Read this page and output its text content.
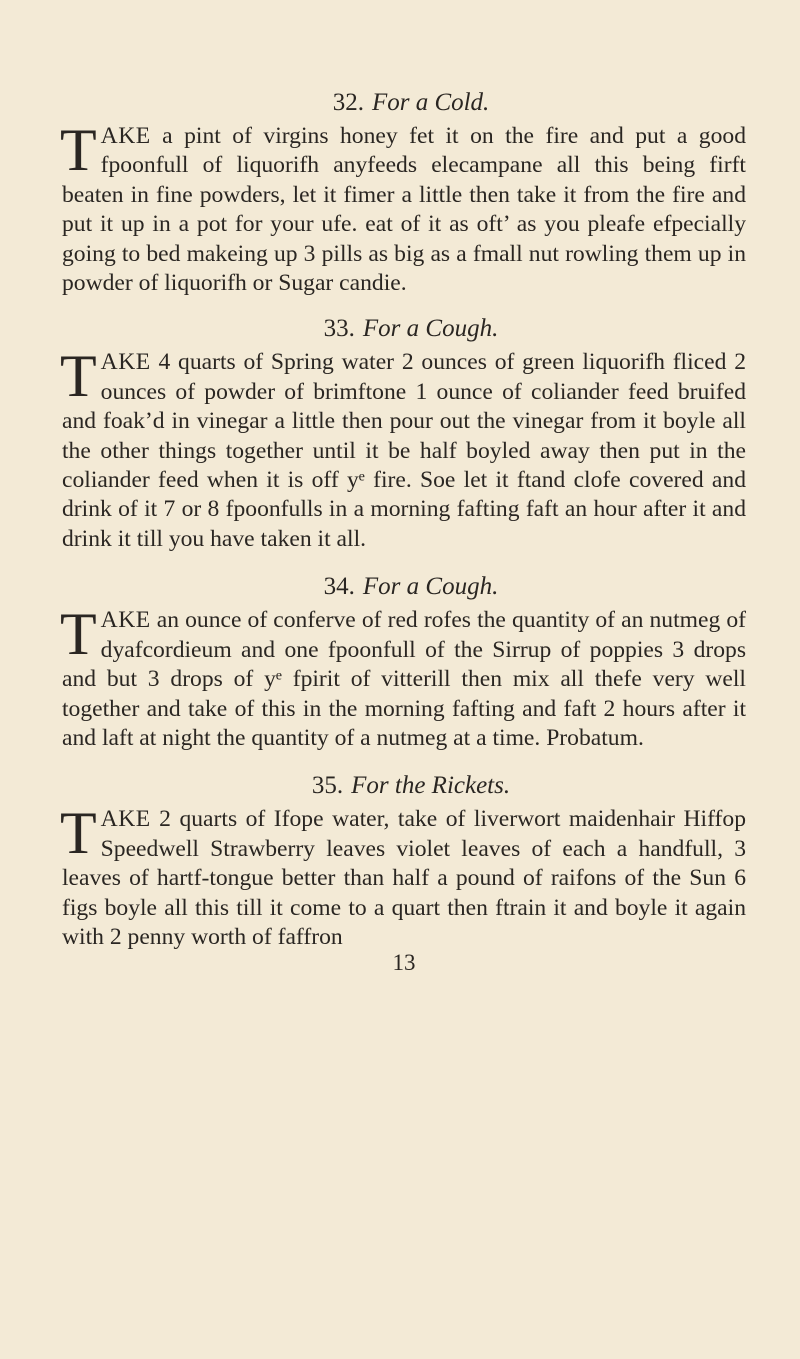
32. For a Cold.

TAKE a pint of virgins honey fet it on the fire and put a good fpoonfull of liquorifh anyfeeds elecampane all this being firft beaten in fine powders, let it fimer a little then take it from the fire and put it up in a pot for your ufe. eat of it as oft’ as you pleafe efpecially going to bed makeing up 3 pills as big as a fmall nut rowling them up in powder of liquorifh or Sugar candie.

33. For a Cough.

TAKE 4 quarts of Spring water 2 ounces of green liquorifh fliced 2 ounces of powder of brimftone 1 ounce of coliander feed bruifed and foak’d in vinegar a little then pour out the vinegar from it boyle all the other things together until it be half boyled away then put in the coliander feed when it is off yᵉ fire. Soe let it ftand clofe covered and drink of it 7 or 8 fpoonfulls in a morning fafting faft an hour after it and drink it till you have taken it all.

34. For a Cough.

TAKE an ounce of conferve of red rofes the quantity of an nutmeg of dyafcordieum and one fpoonfull of the Sirrup of poppies 3 drops and but 3 drops of yᵉ fpirit of vitterill then mix all thefe very well together and take of this in the morning fafting and faft 2 hours after it and laft at night the quantity of a nutmeg at a time. Probatum.

35. For the Rickets.

TAKE 2 quarts of Ifope water, take of liverwort maidenhair Hiffop Speedwell Strawberry leaves violet leaves of each a handfull, 3 leaves of hartf-tongue better than half a pound of raifons of the Sun 6 figs boyle all this till it come to a quart then ftrain it and boyle it again with 2 penny worth of faffron

13
